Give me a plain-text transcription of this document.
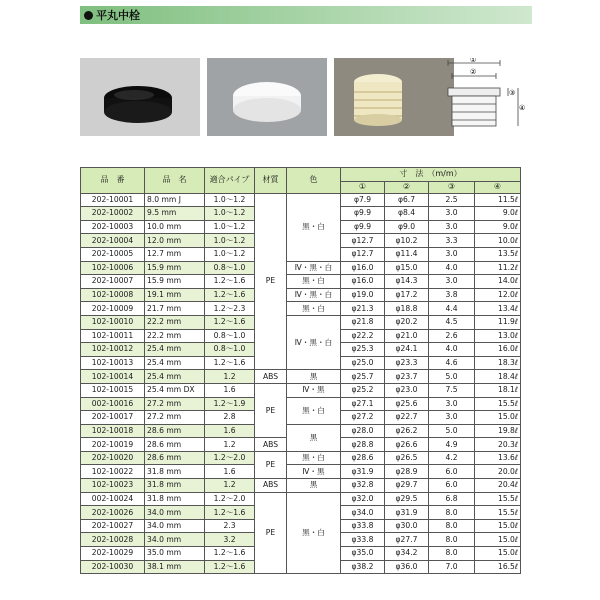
平丸中栓
①
②
③
④
品　番	品　名	適合パイプ	材質	色	寸　法　（m/m）			
					①	②	③	④
202-10001	8.0 mm J	1.0～1.2	PE	黒・白	φ7.9	φ6.7	2.5	11.5ℓ
202-10002	9.5 mm	1.0～1.2			φ9.9	φ8.4	3.0	9.0ℓ
202-10003	10.0 mm	1.0～1.2			φ9.9	φ9.0	3.0	9.0ℓ
202-10004	12.0 mm	1.0～1.2			φ12.7	φ10.2	3.3	10.0ℓ
202-10005	12.7 mm	1.0～1.2			φ12.7	φ11.4	3.0	13.5ℓ
102-10006	15.9 mm	0.8～1.0		Ⅳ・黒・白	φ16.0	φ15.0	4.0	11.2ℓ
202-10007	15.9 mm	1.2～1.6		黒・白	φ16.0	φ14.3	3.0	14.0ℓ
102-10008	19.1 mm	1.2～1.6		Ⅳ・黒・白	φ19.0	φ17.2	3.8	12.0ℓ
202-10009	21.7 mm	1.2～2.3		黒・白	φ21.3	φ18.8	4.4	13.4ℓ
102-10010	22.2 mm	1.2～1.6		Ⅳ・黒・白	φ21.8	φ20.2	4.5	11.9ℓ
102-10011	22.2 mm	0.8～1.0			φ22.2	φ21.0	2.6	13.0ℓ
102-10012	25.4 mm	0.8～1.0			φ25.3	φ24.1	4.0	16.0ℓ
102-10013	25.4 mm	1.2～1.6			φ25.0	φ23.3	4.6	18.3ℓ
102-10014	25.4 mm	1.2	ABS	黒	φ25.7	φ23.7	5.0	18.4ℓ
102-10015	25.4 mm DX	1.6	PE	Ⅳ・黒	φ25.2	φ23.0	7.5	18.1ℓ
002-10016	27.2 mm	1.2～1.9		黒・白	φ27.1	φ25.6	3.0	15.5ℓ
202-10017	27.2 mm	2.8			φ27.2	φ22.7	3.0	15.0ℓ
102-10018	28.6 mm	1.6		黒	φ28.0	φ26.2	5.0	19.8ℓ
202-10019	28.6 mm	1.2	ABS		φ28.8	φ26.6	4.9	20.3ℓ
202-10020	28.6 mm	1.2～2.0	PE	黒・白	φ28.6	φ26.5	4.2	13.6ℓ
102-10022	31.8 mm	1.6		Ⅳ・黒	φ31.9	φ28.9	6.0	20.0ℓ
102-10023	31.8 mm	1.2	ABS	黒	φ32.8	φ29.7	6.0	20.4ℓ
002-10024	31.8 mm	1.2～2.0	PE	黒・白	φ32.0	φ29.5	6.8	15.5ℓ
202-10026	34.0 mm	1.2～1.6			φ34.0	φ31.9	8.0	15.5ℓ
202-10027	34.0 mm	2.3			φ33.8	φ30.0	8.0	15.0ℓ
202-10028	34.0 mm	3.2			φ33.8	φ27.7	8.0	15.0ℓ
202-10029	35.0 mm	1.2～1.6			φ35.0	φ34.2	8.0	15.0ℓ
202-10030	38.1 mm	1.2～1.6			φ38.2	φ36.0	7.0	16.5ℓ
